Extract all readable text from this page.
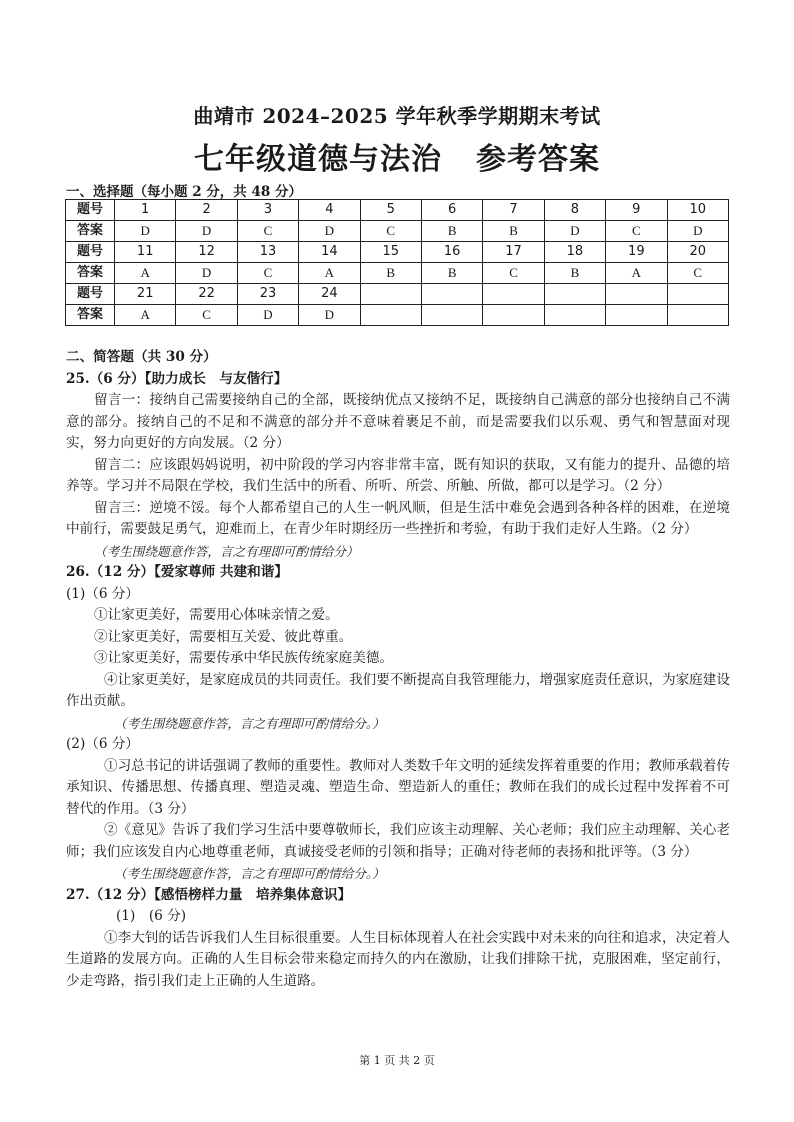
曲靖市 2024–2025 学年秋季学期期末考试
七年级道德与法治 参考答案
一、选择题（每小题 2 分，共 48 分）
题号	1	2	3	4	5	6	7	8	9	10
答案	D	D	C	D	C	B	B	D	C	D
题号	11	12	13	14	15	16	17	18	19	20
答案	A	D	C	A	B	B	C	B	A	C
题号	21	22	23	24						
答案	A	C	D	D						

二、简答题（共 30 分）

25.（6 分）【助力成长　与友偕行】

留言一：接纳自己需要接纳自己的全部，既接纳优点又接纳不足，既接纳自己满意的部分也接纳自己不满意的部分。接纳自己的不足和不满意的部分并不意味着裹足不前，而是需要我们以乐观、勇气和智慧面对现实，努力向更好的方向发展。（2 分）

留言二：应该跟妈妈说明，初中阶段的学习内容非常丰富，既有知识的获取，又有能力的提升、品德的培养等。学习并不局限在学校，我们生活中的所看、所听、所尝、所触、所做，都可以是学习。（2 分）

留言三：逆境不馁。每个人都希望自己的人生一帆风顺，但是生活中难免会遇到各种各样的困难，在逆境中前行，需要鼓足勇气，迎难而上，在青少年时期经历一些挫折和考验，有助于我们走好人生路。（2 分）

（考生围绕题意作答，言之有理即可酌情给分）

26.（12 分）【爱家尊师 共建和谐】

(1)（6 分）

①让家更美好，需要用心体味亲情之爱。

②让家更美好，需要相互关爱、彼此尊重。

③让家更美好，需要传承中华民族传统家庭美德。

④让家更美好，是家庭成员的共同责任。我们要不断提高自我管理能力，增强家庭责任意识，为家庭建设作出贡献。

（考生围绕题意作答，言之有理即可酌情给分。）

(2)（6 分）

①习总书记的讲话强调了教师的重要性。教师对人类数千年文明的延续发挥着重要的作用；教师承载着传承知识、传播思想、传播真理、塑造灵魂、塑造生命、塑造新人的重任；教师在我们的成长过程中发挥着不可替代的作用。（3 分）

②《意见》告诉了我们学习生活中要尊敬师长，我们应该主动理解、关心老师；我们应主动理解、关心老师；我们应该发自内心地尊重老师，真诚接受老师的引领和指导；正确对待老师的表扬和批评等。（3 分）

（考生围绕题意作答，言之有理即可酌情给分。）

27.（12 分）【感悟榜样力量　培养集体意识】

(1)　(6 分)

①李大钊的话告诉我们人生目标很重要。人生目标体现着人在社会实践中对未来的向往和追求，决定着人生道路的发展方向。正确的人生目标会带来稳定而持久的内在激励，让我们排除干扰，克服困难，坚定前行，少走弯路，指引我们走上正确的人生道路。

第 1 页 共 2 页
